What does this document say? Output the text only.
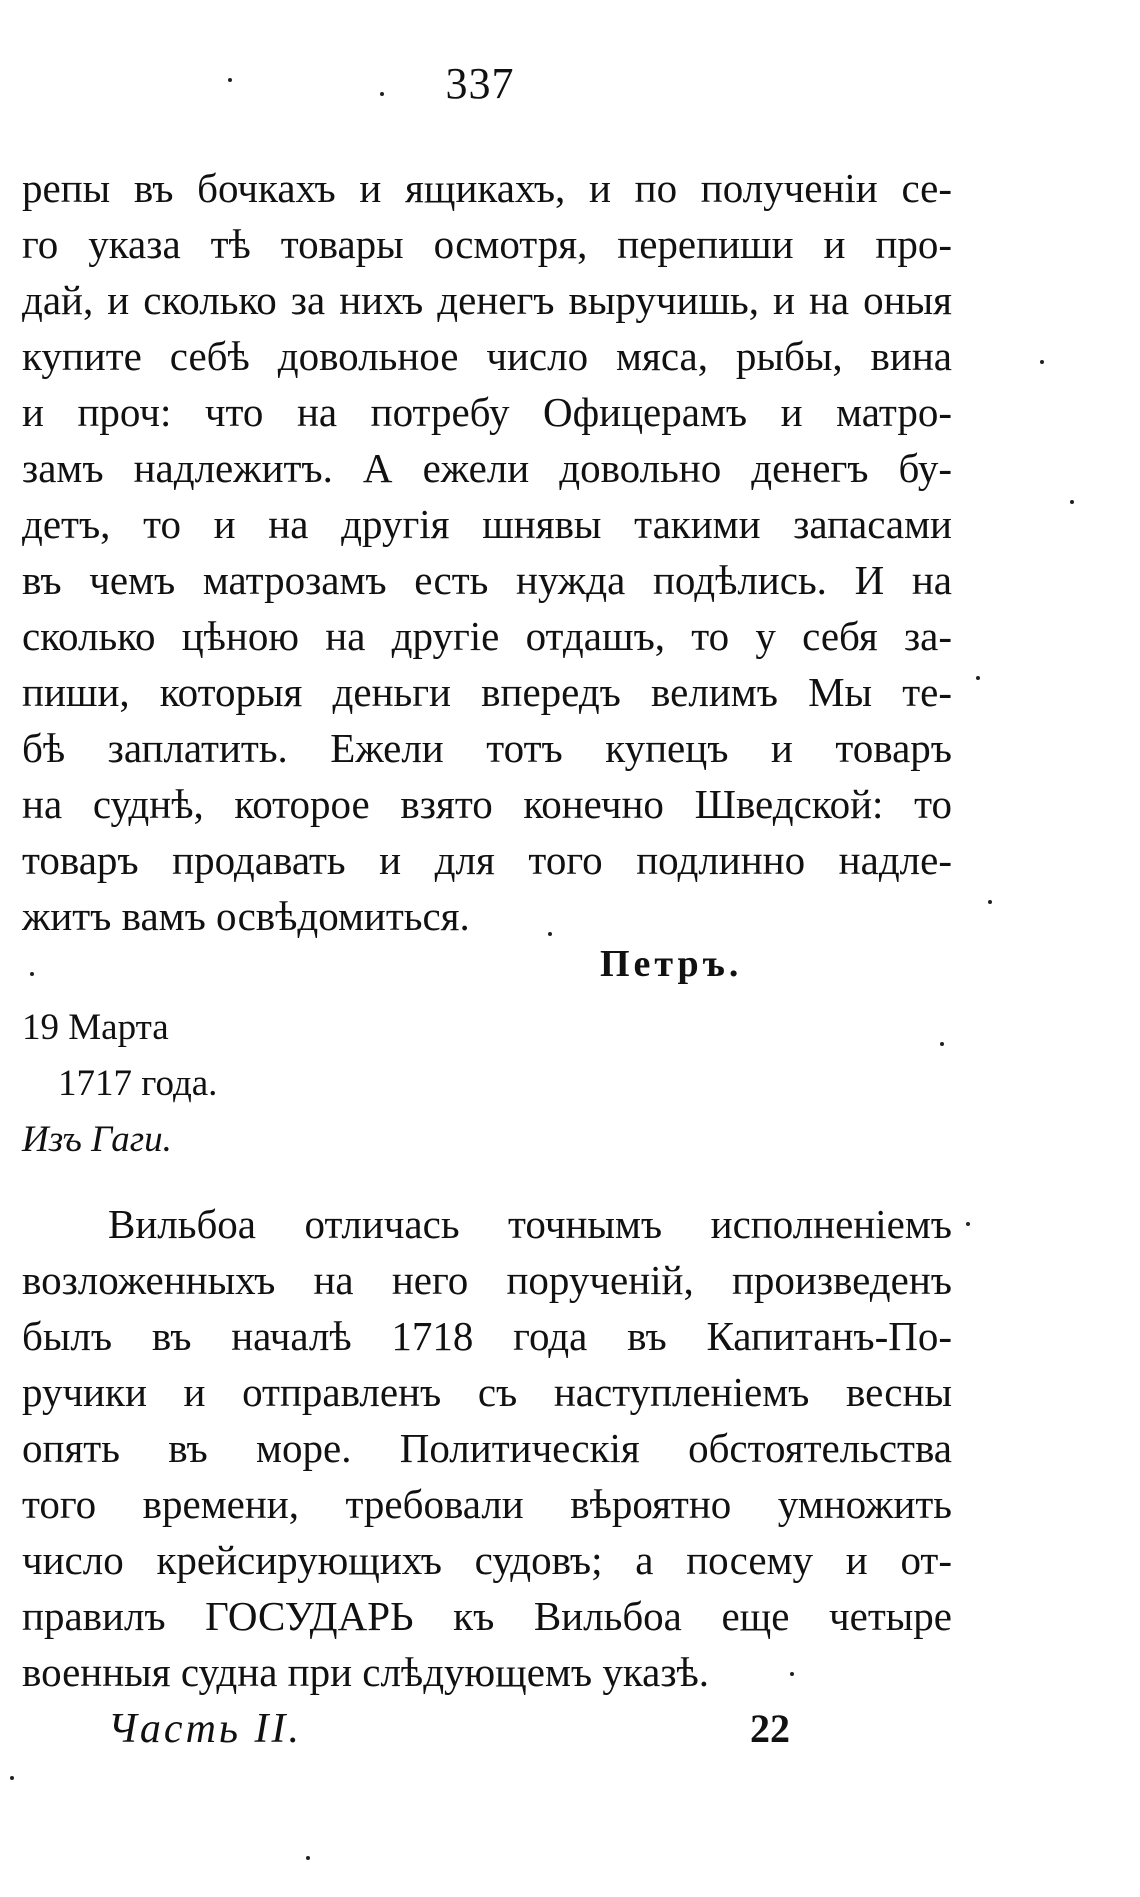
337
репы въ бочкахъ и ящикахъ, и по полученіи се-
го указа тѣ товары осмотря, перепиши и про-
дай, и сколько за нихъ денегъ выручишь, и на оныя
купите себѣ довольное число мяса, рыбы, вина
и проч: что на потребу Офицерамъ и матро-
замъ надлежитъ. А ежели довольно денегъ бу-
детъ, то и на другія шнявы такими запасами
въ чемъ матрозамъ есть нужда подѣлись. И на
сколько цѣною на другіе отдашъ, то у себя за-
пиши, которыя деньги впередъ велимъ Мы те-
бѣ заплатить. Ежели тотъ купецъ и товаръ
на суднѣ, которое взято конечно Шведской: то
товаръ продавать и для того подлинно надле-
житъ вамъ освѣдомиться.
Петръ.
19 Марта
1717 года.
Изъ Гаги.
Вильбоа отличась точнымъ исполненіемъ
возложенныхъ на него порученій, произведенъ
былъ въ началѣ 1718 года въ Капитанъ-По-
ручики и отправленъ съ наступленіемъ весны
опять въ море. Политическія обстоятельства
того времени, требовали вѣроятно умножить
число крейсирующихъ судовъ; а посему и от-
правилъ ГОСУДАРЬ къ Вильбоа еще четыре
военныя судна при слѣдующемъ указѣ.
Часть II.	22
